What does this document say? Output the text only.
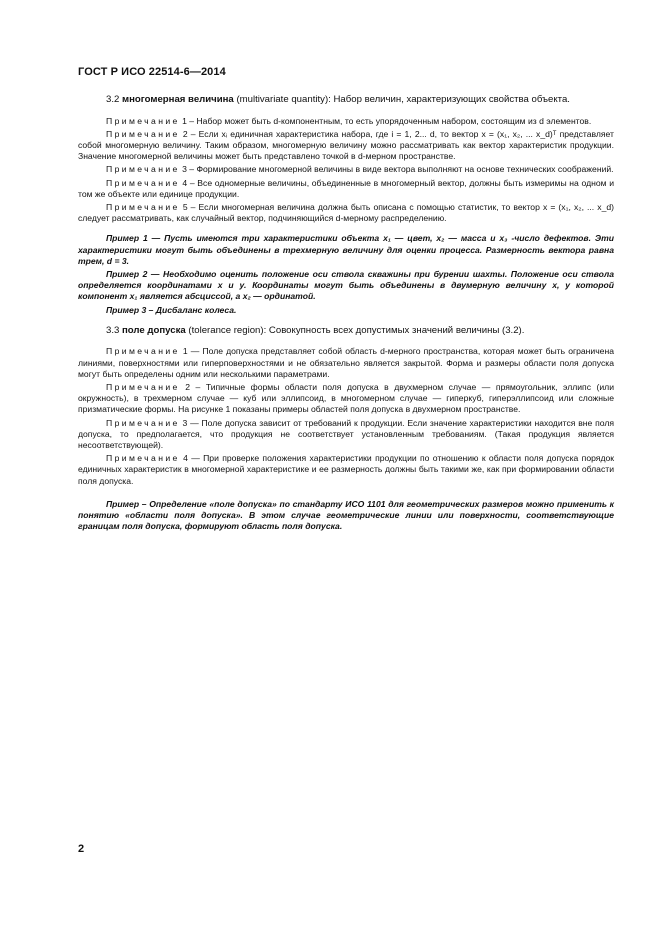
ГОСТ Р ИСО 22514-6—2014

3.2 многомерная величина (multivariate quantity): Набор величин, характеризующих свойства объекта.

Примечание 1 – Набор может быть d-компонентным, то есть упорядоченным набором, состоящим из d элементов.

Примечание 2 – Если xᵢ единичная характеристика набора, где i = 1, 2... d, то вектор x = (x₁, x₂, ... x_d)ᵀ представляет собой многомерную величину. Таким образом, многомерную величину можно рассматривать как вектор характеристик продукции. Значение многомерной величины может быть представлено точкой в d-мерном пространстве.

Примечание 3 – Формирование многомерной величины в виде вектора выполняют на основе технических соображений.

Примечание 4 – Все одномерные величины, объединенные в многомерный вектор, должны быть измеримы на одном и том же объекте или единице продукции.

Примечание 5 – Если многомерная величина должна быть описана с помощью статистик, то вектор x = (x₁, x₂, ... x_d) следует рассматривать, как случайный вектор, подчиняющийся d-мерному распределению.

Пример 1 — Пусть имеются три характеристики объекта x₁ — цвет, x₂ — масса и x₃ -число дефектов. Эти характеристики могут быть объединены в трехмерную величину для оценки процесса. Размерность вектора равна трем, d = 3.

Пример 2 — Необходимо оценить положение оси ствола скважины при бурении шахты. Положение оси ствола определяется координатами x и y. Координаты могут быть объединены в двумерную величину x, у которой компонент x₁ является абсциссой, а x₂ — ординатой.

Пример 3 – Дисбаланс колеса.

3.3 поле допуска (tolerance region): Совокупность всех допустимых значений величины (3.2).

Примечание 1 — Поле допуска представляет собой область d-мерного пространства, которая может быть ограничена линиями, поверхностями или гиперповерхностями и не обязательно является закрытой. Форма и размеры области поля допуска могут быть определены одним или несколькими параметрами.

Примечание 2 – Типичные формы области поля допуска в двухмерном случае — прямоугольник, эллипс (или окружность), в трехмерном случае — куб или эллипсоид, в многомерном случае — гиперкуб, гиперэллипсоид или сложные призматические формы. На рисунке 1 показаны примеры областей поля допуска в двухмерном пространстве.

Примечание 3 — Поле допуска зависит от требований к продукции. Если значение характеристики находится вне поля допуска, то предполагается, что продукция не соответствует установленным требованиям. (Такая продукция является несоответствующей).

Примечание 4 — При проверке положения характеристики продукции по отношению к области поля допуска порядок единичных характеристик в многомерной характеристике и ее размерность должны быть такими же, как при формировании области поля допуска.

Пример – Определение «поле допуска» по стандарту ИСО 1101 для геометрических размеров можно применить к понятию «области поля допуска». В этом случае геометрические линии или поверхности, соответствующие границам поля допуска, формируют область поля допуска.

2
